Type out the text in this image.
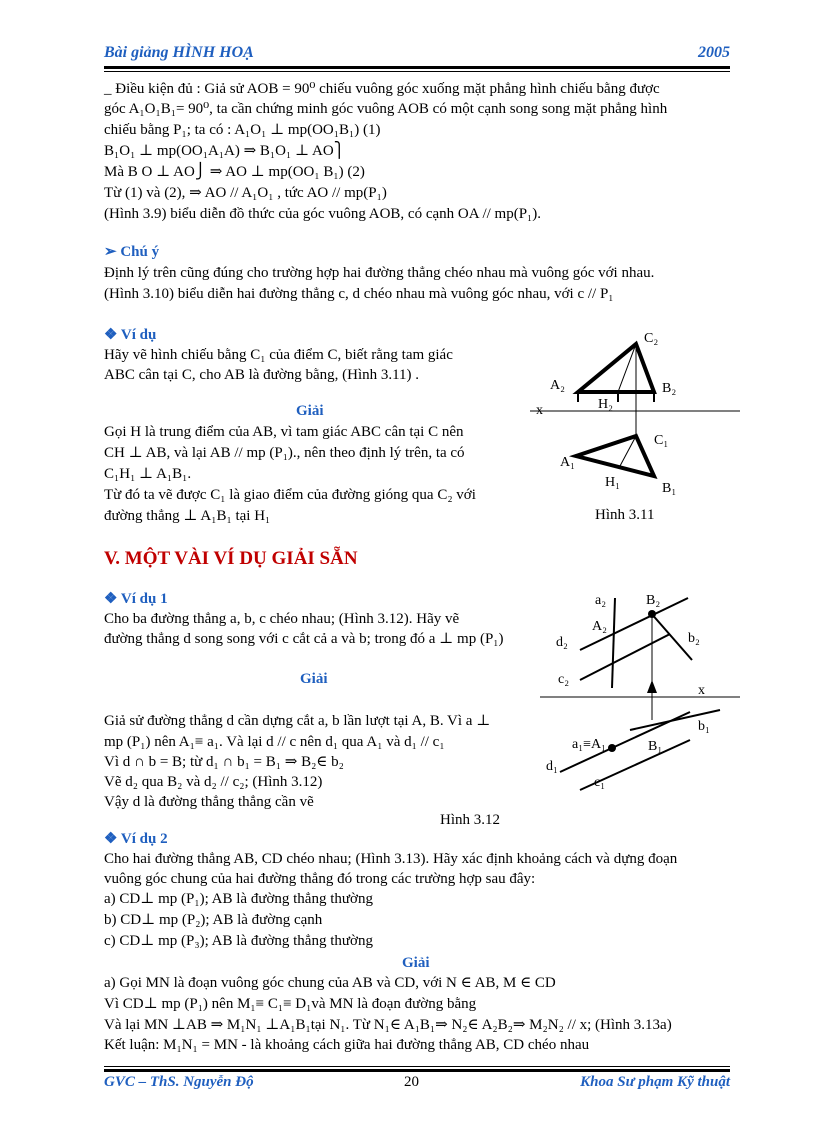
Bài giảng HÌNH HOẠ	2005
_ Điều kiện đủ : Giả sử AOB = 90⁰ chiếu vuông góc xuống mặt phẳng hình chiếu bằng được
góc A₁O₁B₁= 90⁰, ta cần chứng minh góc vuông AOB có một cạnh song song mặt phẳng hình
chiếu bằng P₁; ta có : A₁O₁ ⊥ mp(OO₁B₁) (1)
B₁O₁ ⊥ mp(OO₁A₁A) ⇒ B₁O₁ ⊥ AO⎫
Mà B O ⊥ AO⎭ ⇒ AO ⊥ mp(OO₁ B₁) (2)
Từ (1) và (2), ⇒ AO // A₁O₁ , tức AO // mp(P₁)
(Hình 3.9) biểu diễn đồ thức của góc vuông AOB, có cạnh OA // mp(P₁).
➢ Chú ý
Định lý trên cũng đúng cho trường hợp hai đường thẳng chéo nhau mà vuông góc với nhau.
(Hình 3.10) biểu diễn hai đường thẳng c, d chéo nhau mà vuông góc nhau, với c // P₁
❖ Ví dụ
Hãy vẽ hình chiếu bằng C₁ của điểm C, biết rằng tam giác
ABC cân tại C, cho AB là đường bằng, (Hình 3.11) .
Giải
Gọi H là trung điểm của AB, vì tam giác ABC cân tại C nên
CH ⊥ AB, và lại AB // mp (P₁)., nên theo định lý trên, ta có
C₁H₁ ⊥ A₁B₁.
Từ đó ta vẽ được C₁ là giao điểm của đường gióng qua C₂ với
đường thẳng ⊥ A₁B₁ tại H₁
V. MỘT VÀI VÍ DỤ GIẢI SẴN
❖ Ví dụ 1
Cho ba đường thẳng a, b, c chéo nhau; (Hình 3.12). Hãy vẽ
đường thẳng d song song với c cắt cả a và b; trong đó a ⊥ mp (P₁)
Giải
Giả sử đường thẳng d cần dựng cắt a, b lần lượt tại A, B. Vì a ⊥
mp (P₁) nên A₁≡ a₁. Và lại d // c nên d₁ qua A₁ và d₁ // c₁
Vì d ∩ b = B; từ d₁ ∩ b₁ = B₁ ⇒ B₂∈ b₂
Vẽ d₂ qua B₂ và d₂ // c₂; (Hình 3.12)
Vậy d là đường thẳng thẳng cần vẽ
❖ Ví dụ 2
Cho hai đường thẳng AB, CD chéo nhau; (Hình 3.13). Hãy xác định khoảng cách và dựng đoạn
vuông góc chung của hai đường thẳng đó trong các trường hợp sau đây:
a) CD⊥ mp (P₁); AB là đường thẳng thường
b) CD⊥ mp (P₂); AB là đường cạnh
c) CD⊥ mp (P₃); AB là đường thẳng thường
Giải
a) Gọi MN là đoạn vuông góc chung của AB và CD, với N ∈ AB, M ∈ CD
Vì CD⊥ mp (P₁) nên M₁≡ C₁≡ D₁và MN là đoạn đường bằng
Và lại MN ⊥AB ⇒ M₁N₁ ⊥A₁B₁tại N₁. Từ N₁∈ A₁B₁⇒ N₂∈ A₂B₂⇒ M₂N₂ // x; (Hình 3.13a)
Kết luận: M₁N₁ = MN - là khoảng cách giữa hai đường thẳng AB, CD chéo nhau
C₂
A₂	B₂
H₂
x
C₁
A₁
H₁	B₁
Hình 3.11
a₂	B₂
A₂
d₂	b₂
c₂
x
b₁
a₁≡A₁	B₁
d₁
c₁
Hình 3.12
GVC – ThS. Nguyễn Độ	20	Khoa Sư phạm Kỹ thuật
